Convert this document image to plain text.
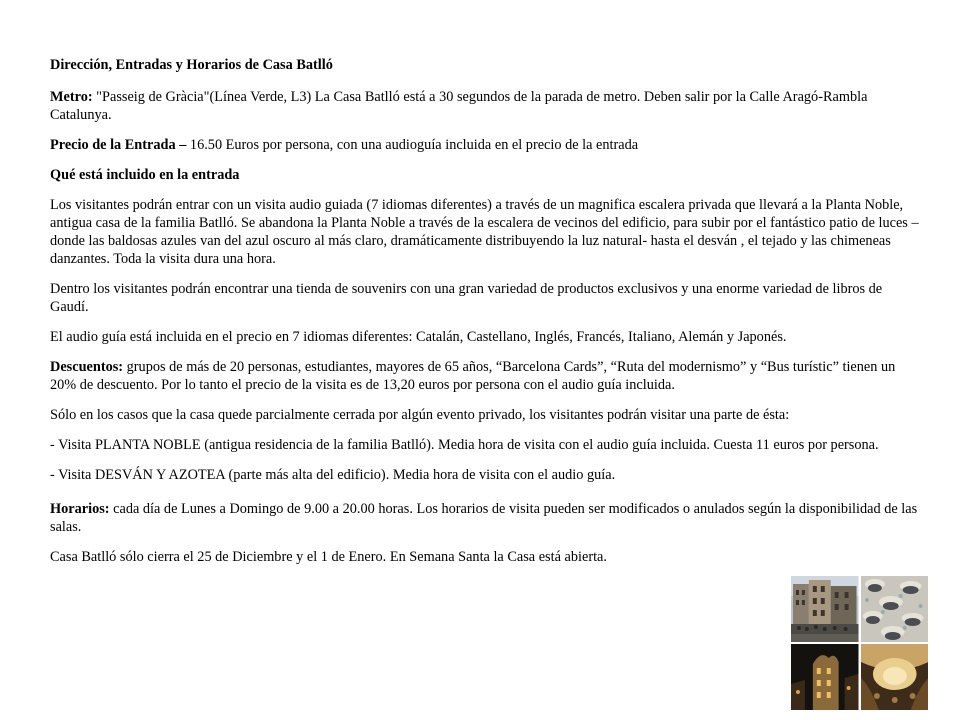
Dirección, Entradas y Horarios de Casa Batlló

Metro: "Passeig de Gràcia"(Línea Verde, L3) La Casa Batlló está a 30 segundos de la parada de metro. Deben salir por la Calle Aragó-Rambla Catalunya.

Precio de la Entrada – 16.50 Euros por persona, con una audioguía incluida en el precio de la entrada

Qué está incluido en la entrada

Los visitantes podrán entrar con un visita audio guiada (7 idiomas diferentes) a través de un magnifica escalera privada que llevará a la Planta Noble, antigua casa de la familia Batlló. Se abandona la Planta Noble a través de la escalera de vecinos del edificio, para subir por el fantástico patio de luces – donde las baldosas azules van del azul oscuro al más claro, dramáticamente distribuyendo la luz natural- hasta el desván , el tejado y las chimeneas danzantes. Toda la visita dura una hora.

Dentro los visitantes podrán encontrar una tienda de souvenirs con una gran variedad de productos exclusivos y una enorme variedad de libros de Gaudí.

El audio guía está incluida en el precio en 7 idiomas diferentes: Catalán, Castellano, Inglés, Francés, Italiano, Alemán y Japonés.

Descuentos: grupos de más de 20 personas, estudiantes, mayores de 65 años, “Barcelona Cards”, “Ruta del modernismo” y “Bus turístic” tienen un 20% de descuento. Por lo tanto el precio de la visita es de 13,20 euros por persona con el audio guía incluida.

Sólo en los casos que la casa quede parcialmente cerrada por algún evento privado, los visitantes podrán visitar una parte de ésta:

- Visita PLANTA NOBLE (antigua residencia de la familia Batlló). Media hora de visita con el audio guía incluida. Cuesta 11 euros por persona.

- Visita DESVÁN Y AZOTEA (parte más alta del edificio). Media hora de visita con el audio guía.

Horarios: cada día de Lunes a Domingo de 9.00 a 20.00 horas. Los horarios de visita pueden ser modificados o anulados según la disponibilidad de las salas.

Casa Batlló sólo cierra el 25 de Diciembre y el 1 de Enero. En Semana Santa la Casa está abierta.
